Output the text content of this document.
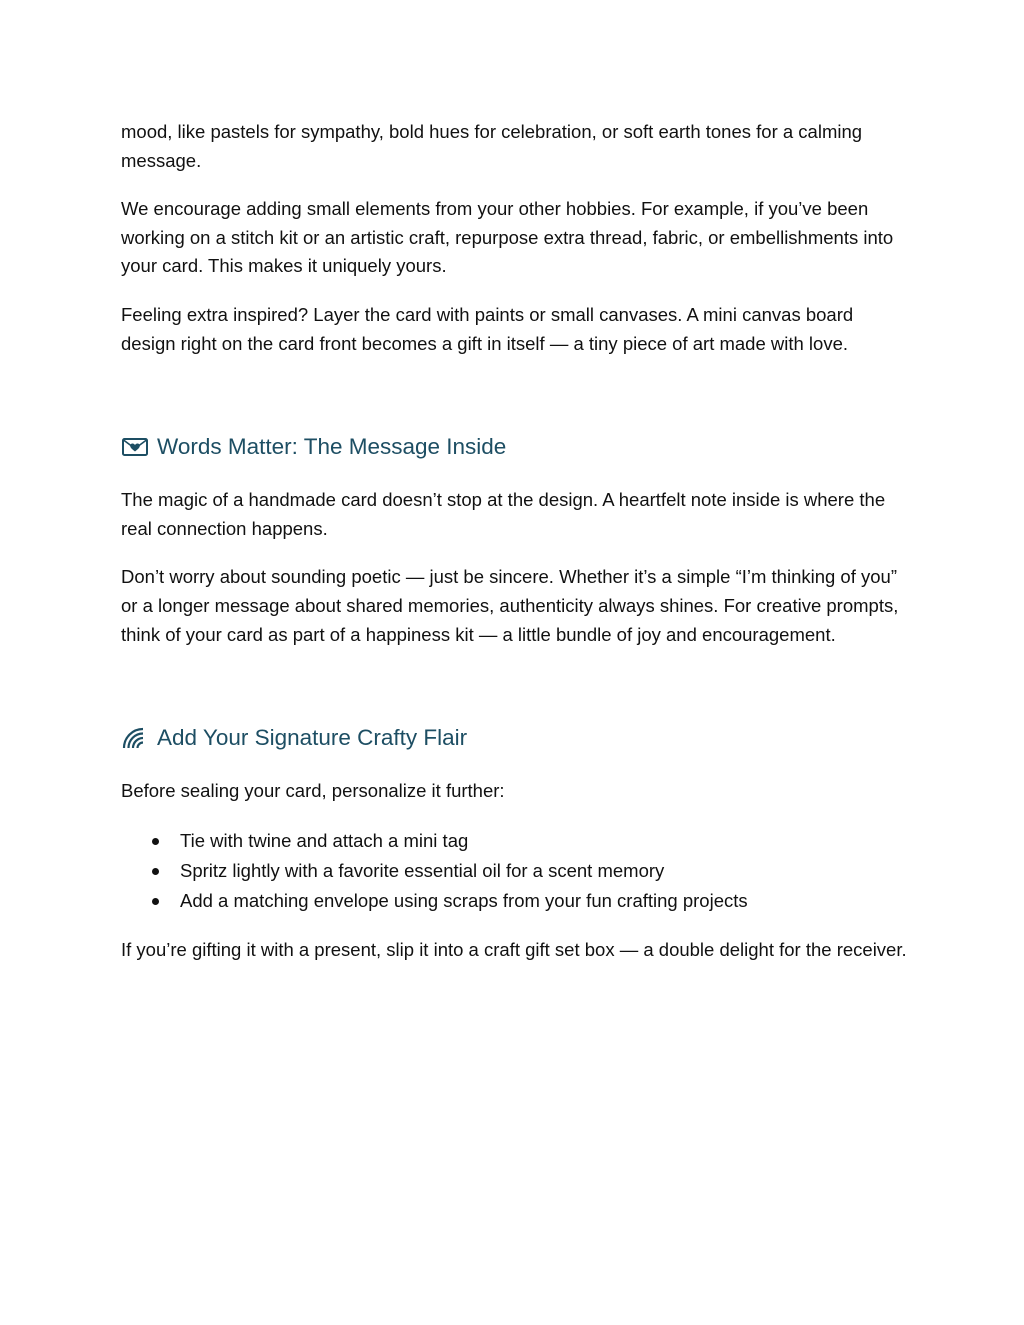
mood, like pastels for sympathy, bold hues for celebration, or soft earth tones for a calming message.

We encourage adding small elements from your other hobbies. For example, if you’ve been working on a stitch kit or an artistic craft, repurpose extra thread, fabric, or embellishments into your card. This makes it uniquely yours.

Feeling extra inspired? Layer the card with paints or small canvases. A mini canvas board design right on the card front becomes a gift in itself — a tiny piece of art made with love.

Words Matter: The Message Inside

The magic of a handmade card doesn’t stop at the design. A heartfelt note inside is where the real connection happens.

Don’t worry about sounding poetic — just be sincere. Whether it’s a simple “I’m thinking of you” or a longer message about shared memories, authenticity always shines. For creative prompts, think of your card as part of a happiness kit — a little bundle of joy and encouragement.

Add Your Signature Crafty Flair

Before sealing your card, personalize it further:

Tie with twine and attach a mini tag
Spritz lightly with a favorite essential oil for a scent memory
Add a matching envelope using scraps from your fun crafting projects

If you’re gifting it with a present, slip it into a craft gift set box — a double delight for the receiver.
